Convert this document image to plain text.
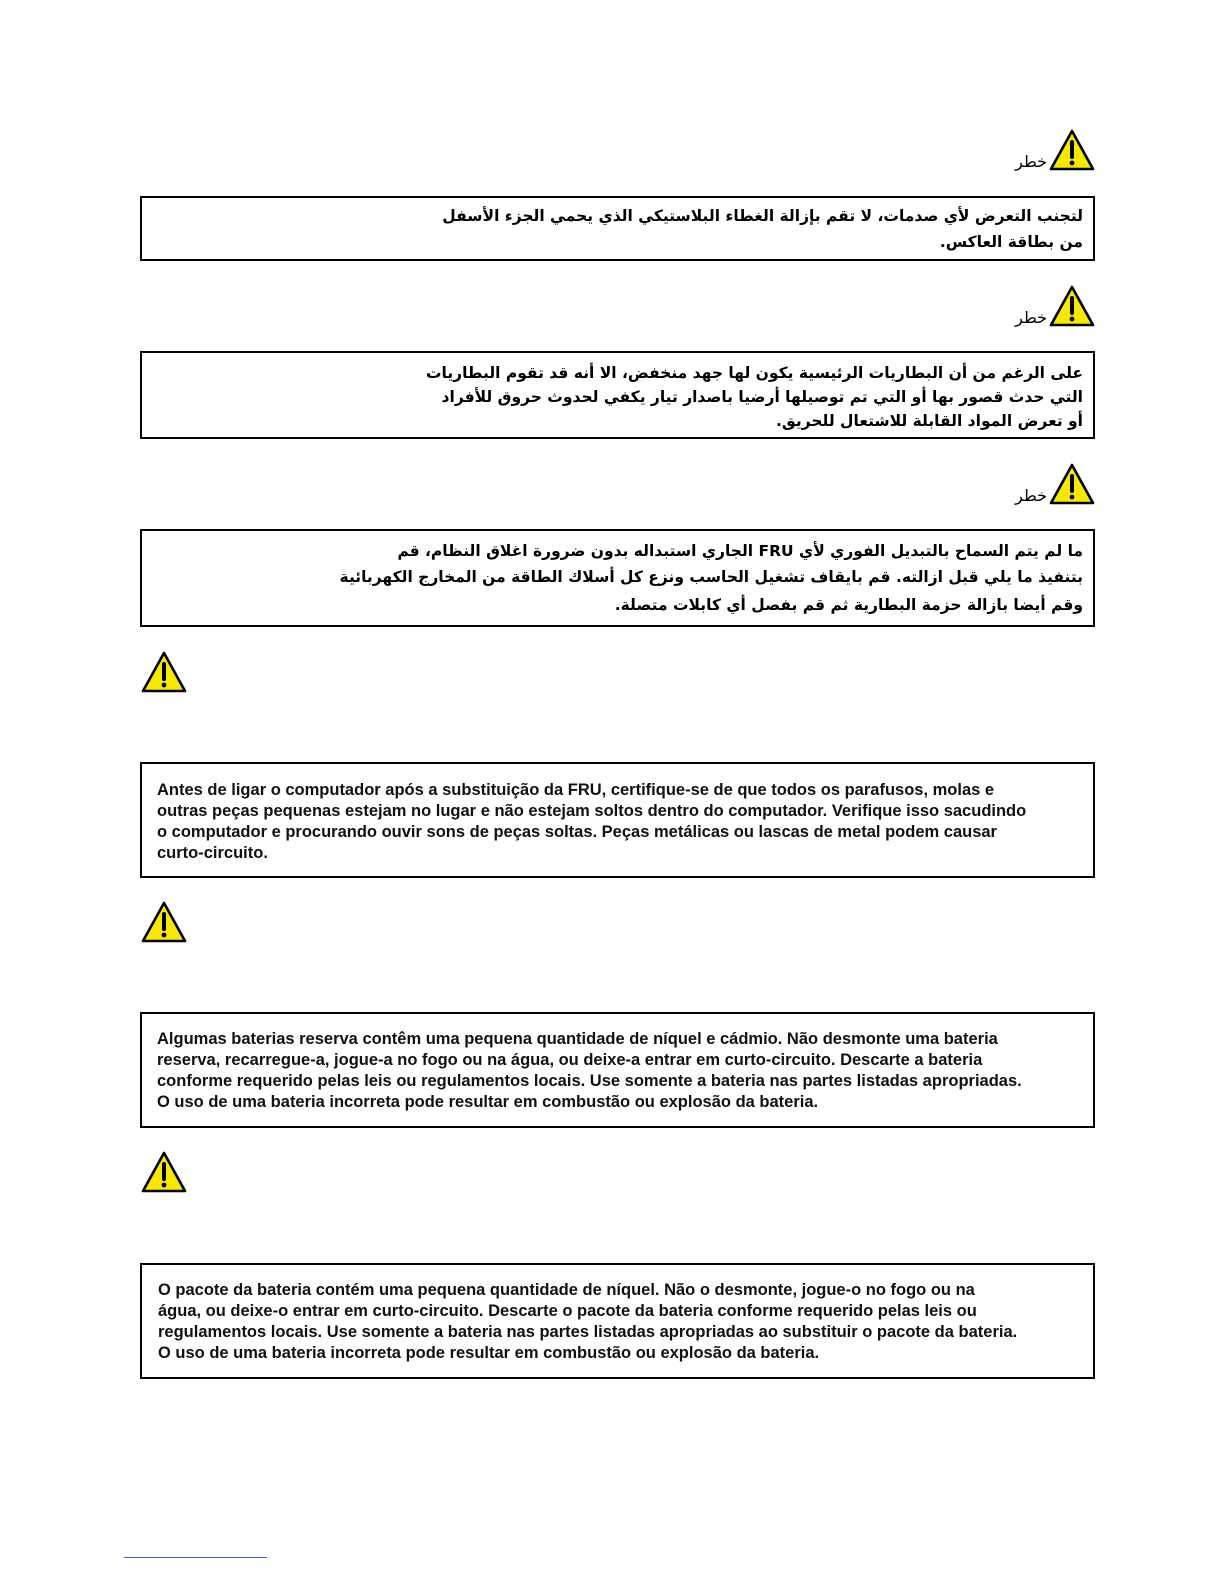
خطر
لتجنب التعرض لأي صدمات، لا تقم بإزالة الغطاء البلاستيكي الذي يحمي الجزء الأسفل
من بطاقة العاكس.
خطر
على الرغم من أن البطاريات الرئيسية يكون لها جهد منخفض، الا أنه قد تقوم البطاريات
التي حدث قصور بها أو التي تم توصيلها أرضيا باصدار تيار يكفي لحدوث حروق للأفراد
أو تعرض المواد القابلة للاشتعال للحريق.
خطر
ما لم يتم السماح بالتبديل الفوري لأي FRU الجاري استبداله بدون ضرورة اغلاق النظام، قم
بتنفيذ ما يلي قبل ازالته. قم بايقاف تشغيل الحاسب ونزع كل أسلاك الطاقة من المخارج الكهربائية
وقم أيضا بازالة حزمة البطارية ثم قم بفصل أي كابلات متصلة.
Antes de ligar o computador após a substituição da FRU, certifique-se de que todos os parafusos, molas e
outras peças pequenas estejam no lugar e não estejam soltos dentro do computador. Verifique isso sacudindo
o computador e procurando ouvir sons de peças soltas. Peças metálicas ou lascas de metal podem causar
curto-circuito.
Algumas baterias reserva contêm uma pequena quantidade de níquel e cádmio. Não desmonte uma bateria
reserva, recarregue-a, jogue-a no fogo ou na água, ou deixe-a entrar em curto-circuito. Descarte a bateria
conforme requerido pelas leis ou regulamentos locais. Use somente a bateria nas partes listadas apropriadas.
O uso de uma bateria incorreta pode resultar em combustão ou explosão da bateria.
O pacote da bateria contém uma pequena quantidade de níquel. Não o desmonte, jogue-o no fogo ou na
água, ou deixe-o entrar em curto-circuito. Descarte o pacote da bateria conforme requerido pelas leis ou
regulamentos locais. Use somente a bateria nas partes listadas apropriadas ao substituir o pacote da bateria.
O uso de uma bateria incorreta pode resultar em combustão ou explosão da bateria.
